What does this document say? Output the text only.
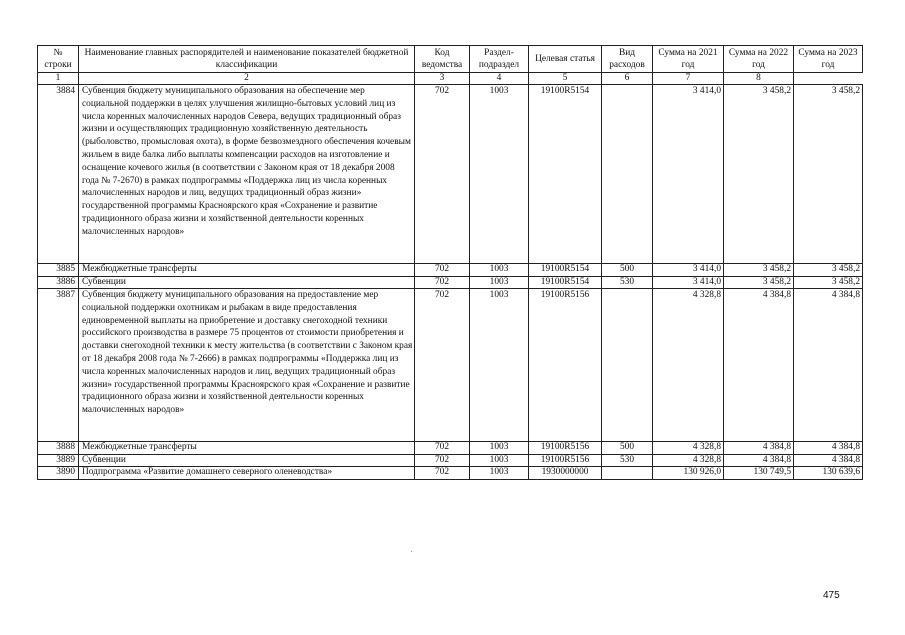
№ строки	Наименование главных распорядителей и наименование показателей бюджетной классификации	Код ведомства	Раздел-подраздел	Целевая статья	Вид расходов	Сумма на 2021 год	Сумма на 2022 год	Сумма на 2023 год
1	2	3	4	5	6	7	8	
3884	Субвенция бюджету муниципального образования на обеспечение мер социальной поддержки в целях улучшения жилищно-бытовых условий лиц из числа коренных малочисленных народов Севера, ведущих традиционный образ жизни и осуществляющих традиционную хозяйственную деятельность (рыболовство, промысловая охота), в форме безвозмездного обеспечения кочевым жильем в виде балка либо выплаты компенсации расходов на изготовление и оснащение кочевого жилья (в соответствии с Законом края от 18 декабря 2008 года № 7-2670) в рамках подпрограммы «Поддержка лиц из числа коренных малочисленных народов и лиц, ведущих традиционный образ жизни» государственной программы Красноярского края «Сохранение и развитие традиционного образа жизни и хозяйственной деятельности коренных малочисленных народов»	702	1003	19100R5154		3 414,0	3 458,2	3 458,2
3885	Межбюджетные трансферты	702	1003	19100R5154	500	3 414,0	3 458,2	3 458,2
3886	Субвенции	702	1003	19100R5154	530	3 414,0	3 458,2	3 458,2
3887	Субвенция бюджету муниципального образования на предоставление мер социальной поддержки охотникам и рыбакам в виде предоставления единовременной выплаты на приобретение и доставку снегоходной техники российского производства в размере 75 процентов от стоимости приобретения и доставки снегоходной техники к месту жительства (в соответствии с Законом края от 18 декабря 2008 года № 7-2666) в рамках подпрограммы «Поддержка лиц из числа коренных малочисленных народов и лиц, ведущих традиционный образ жизни» государственной программы Красноярского края «Сохранение и развитие традиционного образа жизни и хозяйственной деятельности коренных малочисленных народов»	702	1003	19100R5156		4 328,8	4 384,8	4 384,8
3888	Межбюджетные трансферты	702	1003	19100R5156	500	4 328,8	4 384,8	4 384,8
3889	Субвенции	702	1003	19100R5156	530	4 328,8	4 384,8	4 384,8
3890	Подпрограмма «Развитие домашнего северного оленеводства»	702	1003	1930000000		130 926,0	130 749,5	130 639,6
475
